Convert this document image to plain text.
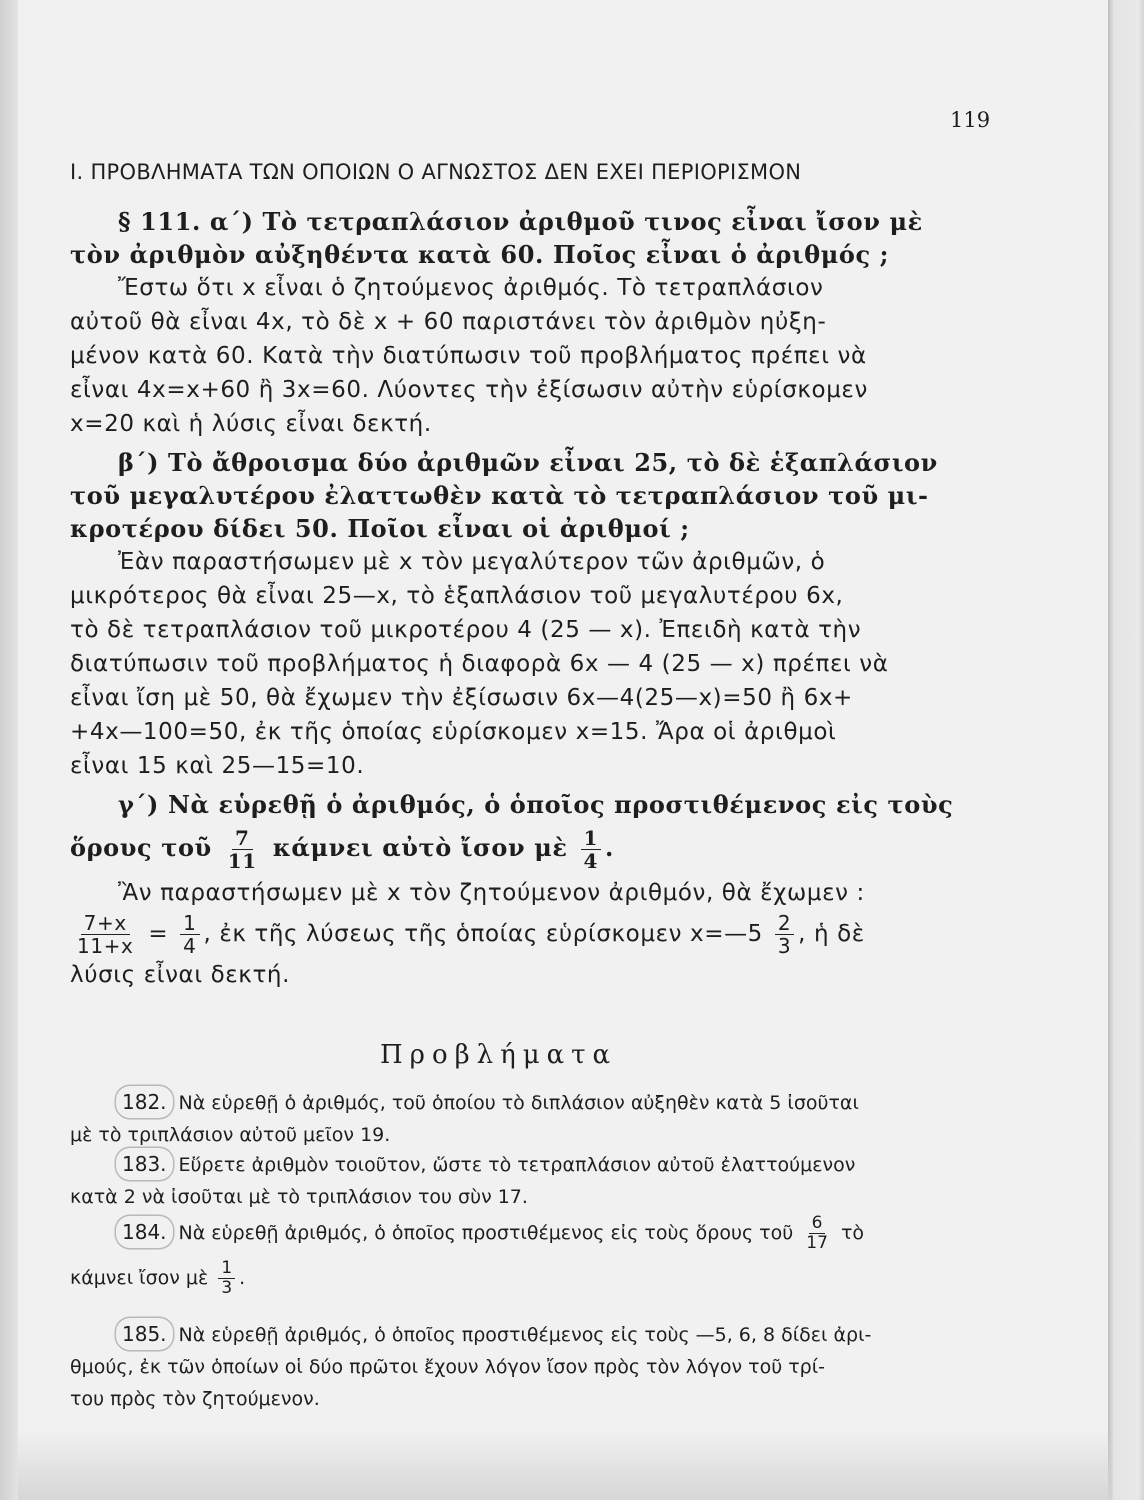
119
Ι. ΠΡΟΒΛΗΜΑΤΑ ΤΩΝ ΟΠΟΙΩΝ Ο ΑΓΝΩΣΤΟΣ ΔΕΝ ΕΧΕΙ ΠΕΡΙΟΡΙΣΜΟΝ
§ 111. α΄) Τὸ τετραπλάσιον ἀριθμοῦ τινος εἶναι ἴσον μὲ
τὸν ἀριθμὸν αὐξηθέντα κατὰ 60. Ποῖος εἶναι ὁ ἀριθμός ;
Ἔστω ὅτι x εἶναι ὁ ζητούμενος ἀριθμός. Τὸ τετραπλάσιον
αὐτοῦ θὰ εἶναι 4x, τὸ δὲ x + 60 παριστάνει τὸν ἀριθμὸν ηὐξη-
μένον κατὰ 60. Κατὰ τὴν διατύπωσιν τοῦ προβλήματος πρέπει νὰ
εἶναι 4x=x+60 ἢ 3x=60. Λύοντες τὴν ἐξίσωσιν αὐτὴν εὑρίσκομεν
x=20 καὶ ἡ λύσις εἶναι δεκτή.
β΄) Τὸ ἄθροισμα δύο ἀριθμῶν εἶναι 25, τὸ δὲ ἑξαπλάσιον
τοῦ μεγαλυτέρου ἐλαττωθὲν κατὰ τὸ τετραπλάσιον τοῦ μι-
κροτέρου δίδει 50. Ποῖοι εἶναι οἱ ἀριθμοί ;
Ἐὰν παραστήσωμεν μὲ x τὸν μεγαλύτερον τῶν ἀριθμῶν, ὁ
μικρότερος θὰ εἶναι 25—x, τὸ ἑξαπλάσιον τοῦ μεγαλυτέρου 6x,
τὸ δὲ τετραπλάσιον τοῦ μικροτέρου 4 (25 — x). Ἐπειδὴ κατὰ τὴν
διατύπωσιν τοῦ προβλήματος ἡ διαφορὰ 6x — 4 (25 — x) πρέπει νὰ
εἶναι ἴση μὲ 50, θὰ ἔχωμεν τὴν ἐξίσωσιν 6x—4(25—x)=50 ἢ 6x+
+4x—100=50, ἐκ τῆς ὁποίας εὑρίσκομεν x=15. Ἄρα οἱ ἀριθμοὶ
εἶναι 15 καὶ 25—15=10.
γ΄) Νὰ εὑρεθῇ ὁ ἀριθμός, ὁ ὁποῖος προστιθέμενος εἰς τοὺς
ὅρους τοῦ $\frac{7}{11}$ κάμνει αὐτὸ ἴσον μὲ $\frac{1}{4}$ .
Ἂν παραστήσωμεν μὲ x τὸν ζητούμενον ἀριθμόν, θὰ ἔχωμεν :
$\frac{7+x}{11+x} = \frac{1}{4}$ , ἐκ τῆς λύσεως τῆς ὁποίας εὑρίσκομεν x=—5 $\frac{2}{3}$ , ἡ δὲ
λύσις εἶναι δεκτή.
Προβλήματα
182. Νὰ εὑρεθῇ ὁ ἀριθμός, τοῦ ὁποίου τὸ διπλάσιον αὐξηθὲν κατὰ 5 ἰσοῦται
μὲ τὸ τριπλάσιον αὐτοῦ μεῖον 19.
183. Εὕρετε ἀριθμὸν τοιοῦτον, ὥστε τὸ τετραπλάσιον αὐτοῦ ἐλαττούμενον
κατὰ 2 νὰ ἰσοῦται μὲ τὸ τριπλάσιον του σὺν 17.
184. Νὰ εὑρεθῇ ἀριθμός, ὁ ὁποῖος προστιθέμενος εἰς τοὺς ὅρους τοῦ $\frac{6}{17}$ τὸ
κάμνει ἴσον μὲ $\frac{1}{3}$ .
185. Νὰ εὑρεθῇ ἀριθμός, ὁ ὁποῖος προστιθέμενος εἰς τοὺς —5, 6, 8 δίδει ἀρι-
θμούς, ἐκ τῶν ὁποίων οἱ δύο πρῶτοι ἔχουν λόγον ἴσον πρὸς τὸν λόγον τοῦ τρί-
του πρὸς τὸν ζητούμενον.
